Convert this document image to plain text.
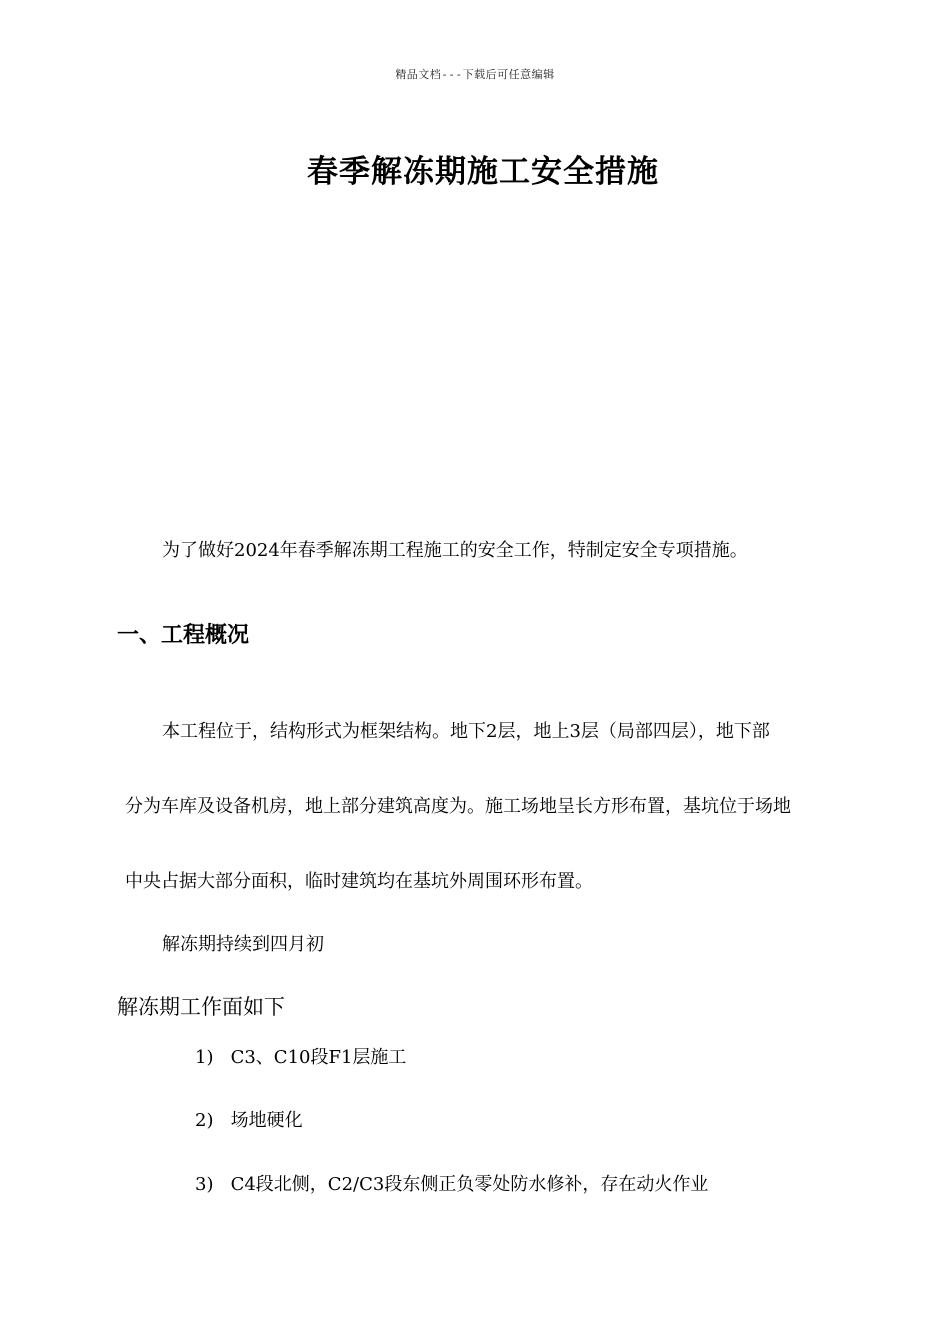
精品文档---下载后可任意编辑
春季解冻期施工安全措施
为了做好2024年春季解冻期工程施工的安全工作，特制定安全专项措施。
一、工程概况
本工程位于，结构形式为框架结构。地下2层，地上3层（局部四层），地下部
分为车库及设备机房，地上部分建筑高度为。施工场地呈长方形布置，基坑位于场地
中央占据大部分面积，临时建筑均在基坑外周围环形布置。
解冻期持续到四月初
解冻期工作面如下
1) C3、C10段F1层施工
2) 场地硬化
3) C4段北侧，C2/C3段东侧正负零处防水修补，存在动火作业
